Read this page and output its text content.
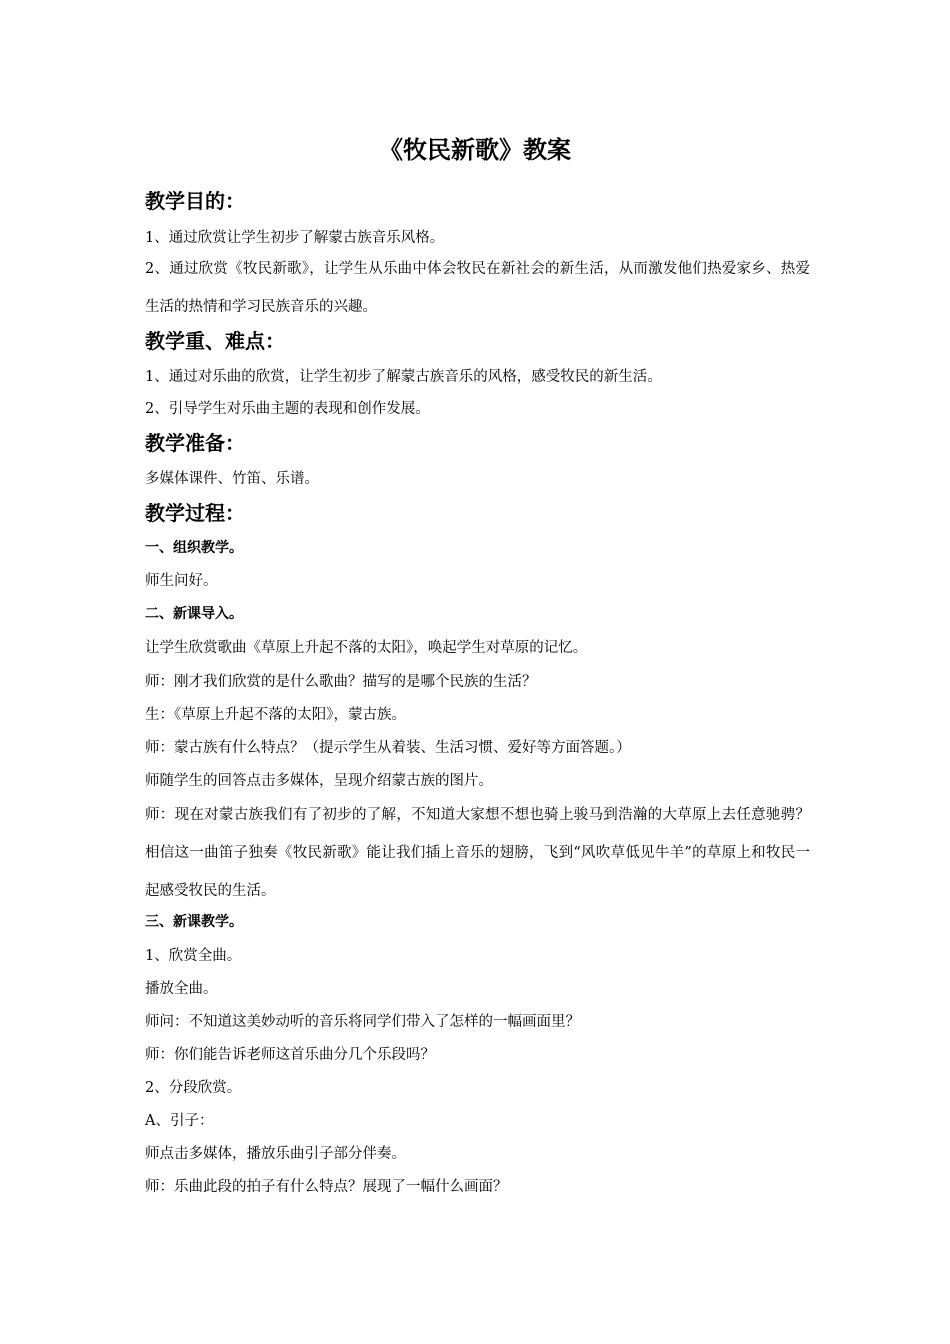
《牧民新歌》教案
教学目的：
1、通过欣赏让学生初步了解蒙古族音乐风格。
2、通过欣赏《牧民新歌》，让学生从乐曲中体会牧民在新社会的新生活，从而激发他们热爱家乡、热爱生活的热情和学习民族音乐的兴趣。
教学重、难点：
1、通过对乐曲的欣赏，让学生初步了解蒙古族音乐的风格，感受牧民的新生活。
2、引导学生对乐曲主题的表现和创作发展。
教学准备：
多媒体课件、竹笛、乐谱。
教学过程：
一、组织教学。
师生问好。
二、新课导入。
让学生欣赏歌曲《草原上升起不落的太阳》，唤起学生对草原的记忆。
师：刚才我们欣赏的是什么歌曲？描写的是哪个民族的生活？
生：《草原上升起不落的太阳》，蒙古族。
师：蒙古族有什么特点？（提示学生从着装、生活习惯、爱好等方面答题。）
师随学生的回答点击多媒体，呈现介绍蒙古族的图片。
师：现在对蒙古族我们有了初步的了解，不知道大家想不想也骑上骏马到浩瀚的大草原上去任意驰骋？相信这一曲笛子独奏《牧民新歌》能让我们插上音乐的翅膀，飞到“风吹草低见牛羊”的草原上和牧民一起感受牧民的生活。
三、新课教学。
1、欣赏全曲。
播放全曲。
师问：不知道这美妙动听的音乐将同学们带入了怎样的一幅画面里？
师：你们能告诉老师这首乐曲分几个乐段吗？
2、分段欣赏。
A、引子：
师点击多媒体，播放乐曲引子部分伴奏。
师：乐曲此段的拍子有什么特点？展现了一幅什么画面？
